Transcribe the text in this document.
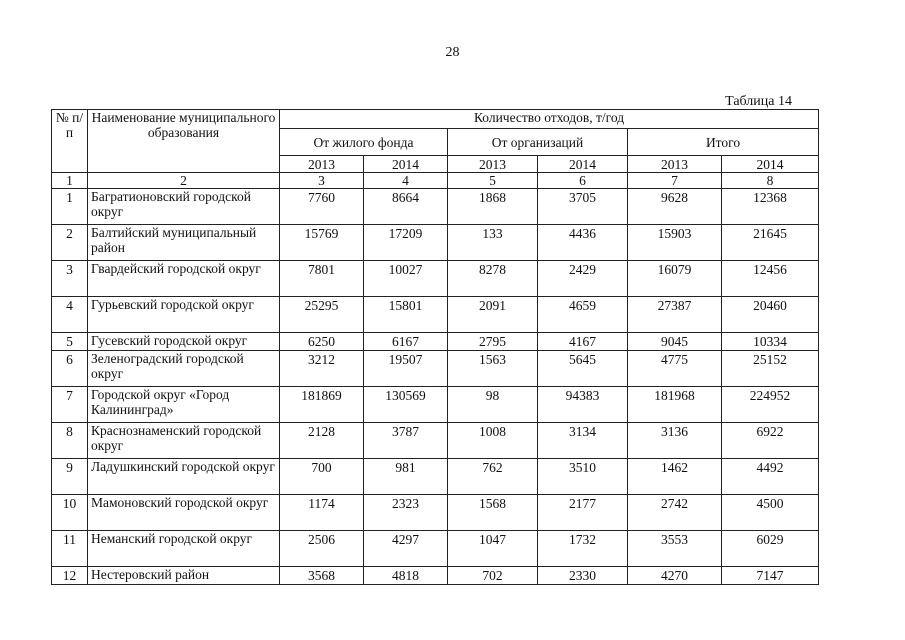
28
Таблица 14
№ п/п	Наименование муниципального образования	Количество отходов, т/год					
		От жилого фонда		От организаций		Итого	
		2013	2014	2013	2014	2013	2014
1	2	3	4	5	6	7	8
1	Багратионовский городской округ	7760	8664	1868	3705	9628	12368
2	Балтийский муниципальный район	15769	17209	133	4436	15903	21645
3	Гвардейский городской округ	7801	10027	8278	2429	16079	12456
4	Гурьевский городской округ	25295	15801	2091	4659	27387	20460
5	Гусевский городской округ	6250	6167	2795	4167	9045	10334
6	Зеленоградский городской округ	3212	19507	1563	5645	4775	25152
7	Городской округ «Город Калининград»	181869	130569	98	94383	181968	224952
8	Краснознаменский городской округ	2128	3787	1008	3134	3136	6922
9	Ладушкинский городской округ	700	981	762	3510	1462	4492
10	Мамоновский городской округ	1174	2323	1568	2177	2742	4500
11	Неманский городской округ	2506	4297	1047	1732	3553	6029
12	Нестеровский район	3568	4818	702	2330	4270	7147
